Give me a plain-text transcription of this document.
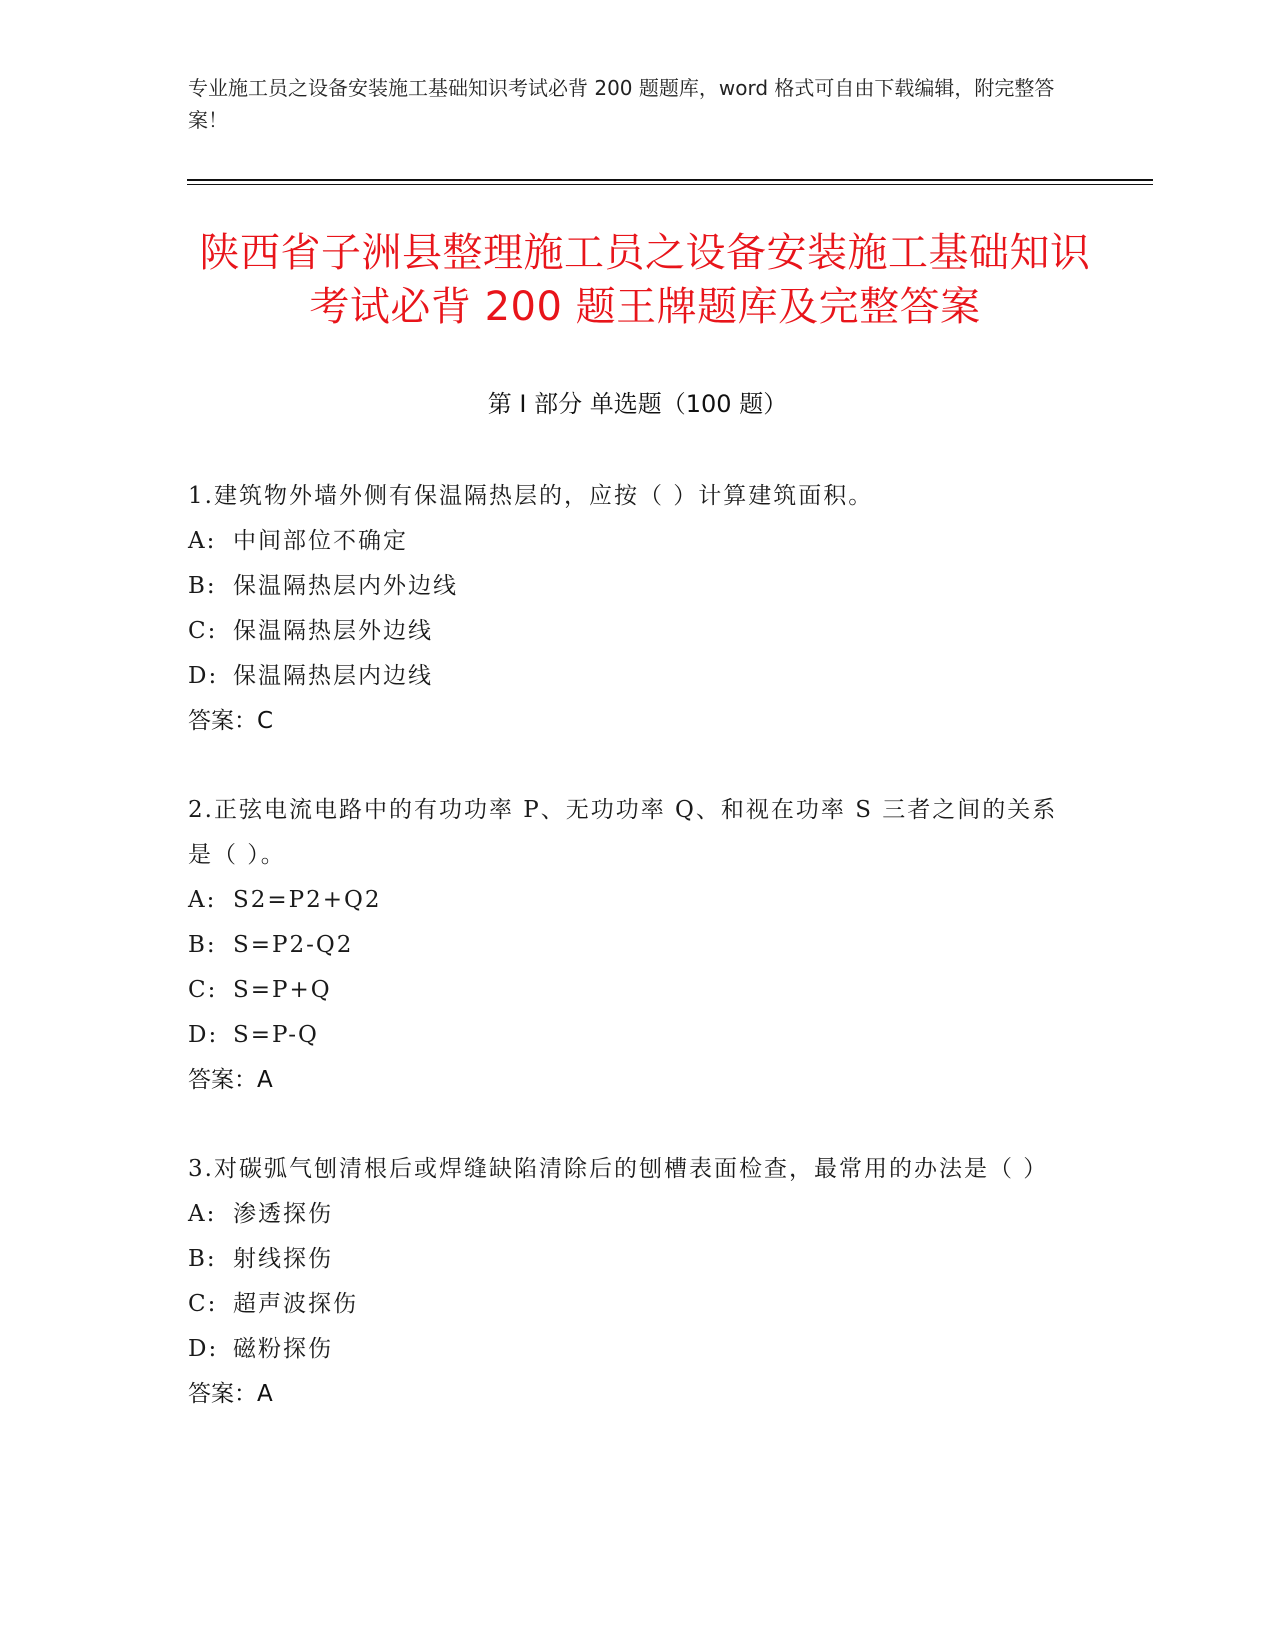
专业施工员之设备安装施工基础知识考试必背 200 题题库，word 格式可自由下载编辑，附完整答案！
陕西省子洲县整理施工员之设备安装施工基础知识考试必背 200 题王牌题库及完整答案
第 I 部分 单选题（100 题）
1.建筑物外墙外侧有保温隔热层的，应按（ ）计算建筑面积。
A: 中间部位不确定
B: 保温隔热层内外边线
C: 保温隔热层外边线
D: 保温隔热层内边线
答案：C
2.正弦电流电路中的有功功率 P、无功功率 Q、和视在功率 S 三者之间的关系是（ ）。
A: S2=P2+Q2
B: S=P2-Q2
C: S=P+Q
D: S=P-Q
答案：A
3.对碳弧气刨清根后或焊缝缺陷清除后的刨槽表面检查，最常用的办法是（ ）
A: 渗透探伤
B: 射线探伤
C: 超声波探伤
D: 磁粉探伤
答案：A
